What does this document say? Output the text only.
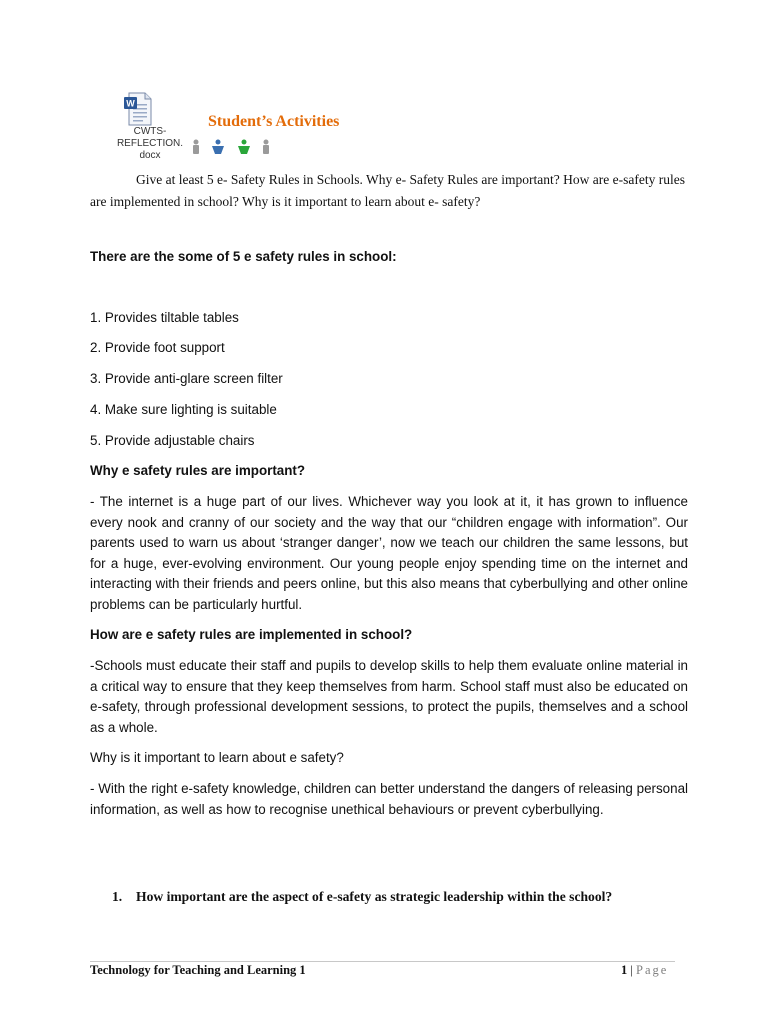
W
CWTS-REFLECTION.
docx
Student’s Activities
Give at least 5 e- Safety Rules in Schools. Why e- Safety Rules are important? How are e-safety rules are implemented in school? Why is it important to learn about e- safety?
There are the some of 5 e safety rules in school:
1. Provides tiltable tables
2. Provide foot support
3. Provide anti-glare screen filter
4. Make sure lighting is suitable
5. Provide adjustable chairs
Why e safety rules are important?
- The internet is a huge part of our lives. Whichever way you look at it, it has grown to influence every nook and cranny of our society and the way that our “children engage with information”. Our parents used to warn us about ‘stranger danger’, now we teach our children the same lessons, but for a huge, ever-evolving environment. Our young people enjoy spending time on the internet and interacting with their friends and peers online, but this also means that cyberbullying and other online problems can be particularly hurtful.
How are e safety rules are implemented in school?
-Schools must educate their staff and pupils to develop skills to help them evaluate online material in a critical way to ensure that they keep themselves from harm. School staff must also be educated on e-safety, through professional development sessions, to protect the pupils, themselves and a school as a whole.
Why is it important to learn about e safety?
- With the right e-safety knowledge, children can better understand the dangers of releasing personal information, as well as how to recognise unethical behaviours or prevent cyberbullying.
1. How important are the aspect of e-safety as strategic leadership within the school?
Technology for Teaching and Learning 1	1 | Page
